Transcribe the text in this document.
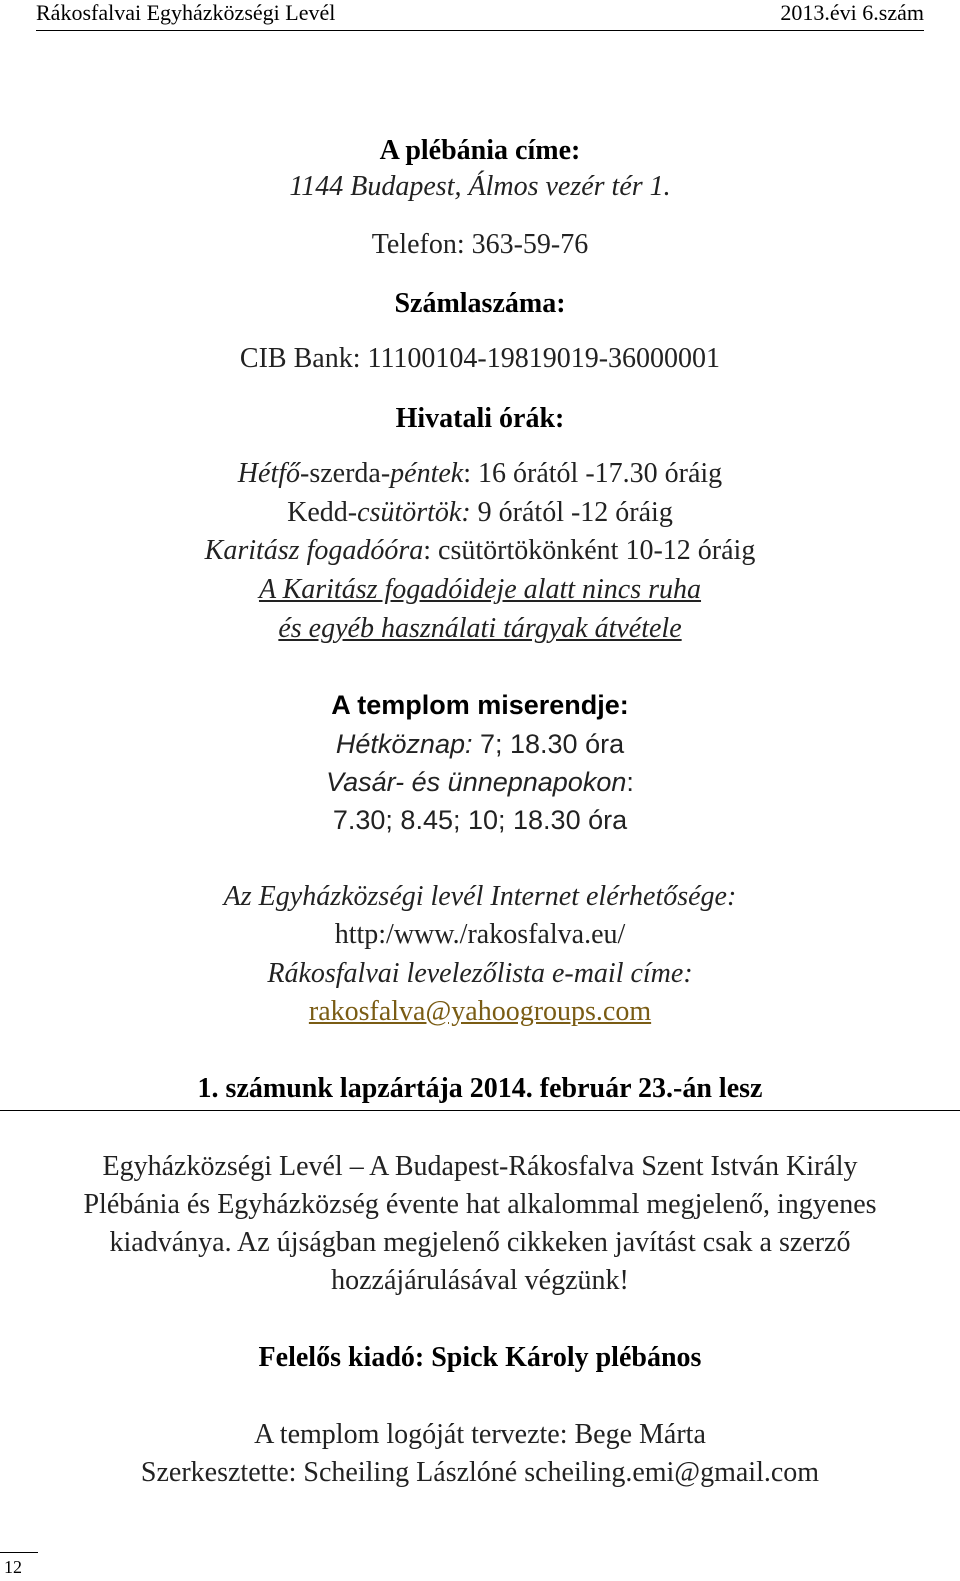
Rákosfalvai Egyházközségi Levél	2013.évi 6.szám
A plébánia címe:
1144 Budapest, Álmos vezér tér 1.
Telefon: 363-59-76
Számlaszáma:
CIB Bank: 11100104-19819019-36000001
Hivatali órák:
Hétfő-szerda-péntek: 16 órától -17.30 óráig
Kedd-csütörtök: 9 órától -12 óráig
Karitász fogadóóra: csütörtökönként 10-12 óráig
A Karitász fogadóideje alatt nincs ruha
és egyéb használati tárgyak átvétele
A templom miserendje:
Hétköznap: 7; 18.30 óra
Vasár- és ünnepnapokon:
7.30; 8.45; 10; 18.30 óra
Az Egyházközségi levél Internet elérhetősége:
http:/www./rakosfalva.eu/
Rákosfalvai levelezőlista e-mail címe:
rakosfalva@yahoogroups.com
1. számunk lapzártája 2014. február 23.-án lesz
Egyházközségi Levél – A Budapest-Rákosfalva Szent István Király
Plébánia és Egyházközség évente hat alkalommal megjelenő, ingyenes
kiadványa. Az újságban megjelenő cikkeken javítást csak a szerző
hozzájárulásával végzünk!
Felelős kiadó: Spick Károly plébános
A templom logóját tervezte: Bege Márta
Szerkesztette: Scheiling Lászlóné scheiling.emi@gmail.com
12
